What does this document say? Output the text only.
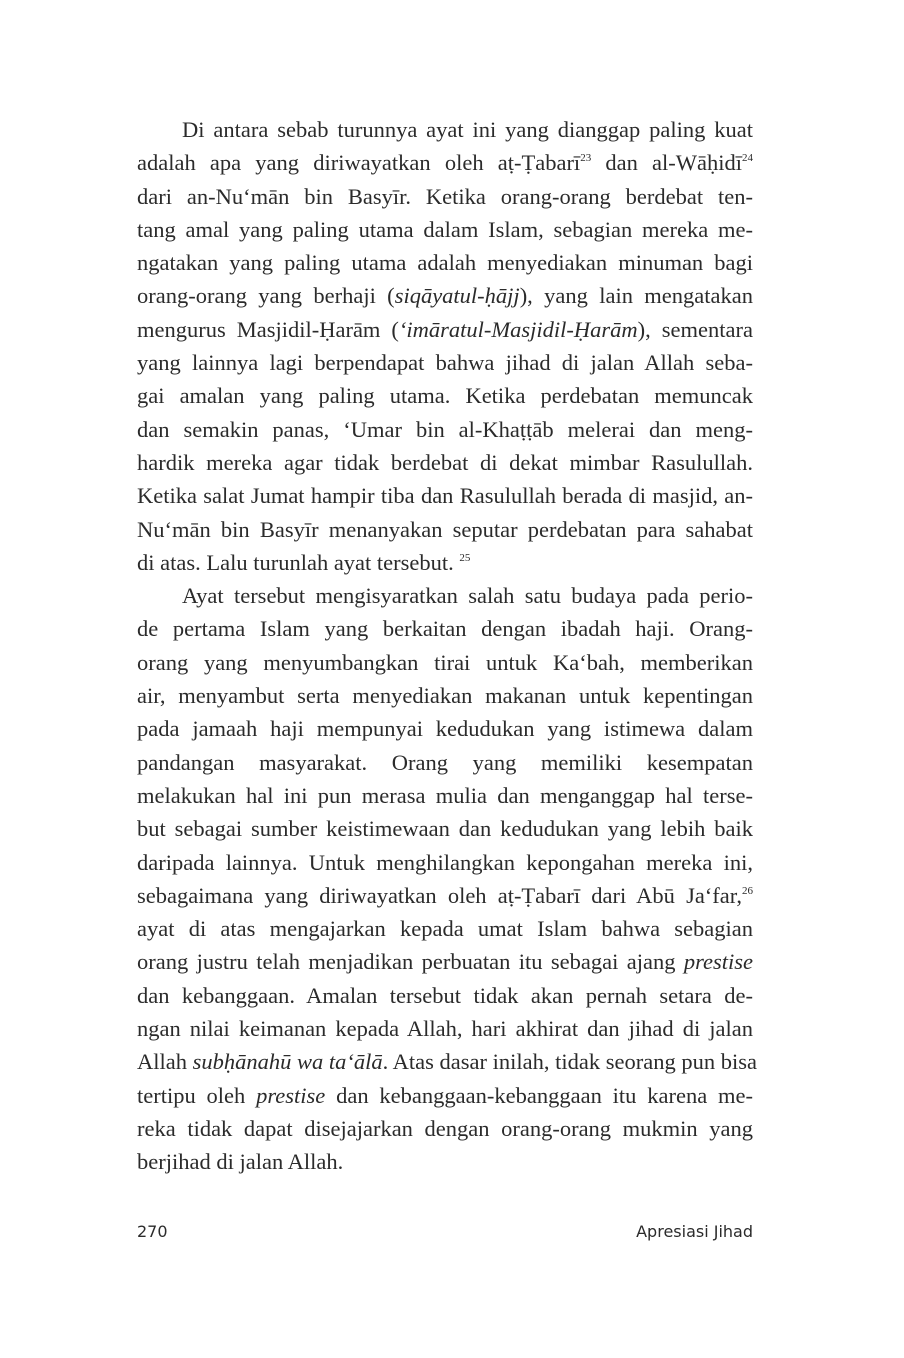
Di antara sebab turunnya ayat ini yang dianggap paling kuat
adalah apa yang diriwayatkan oleh aṭ-Ṭabarī$^{23}$ dan al-Wāḥidī$^{24}$
dari an-Nu‘mān bin Basyīr. Ketika orang-orang berdebat ten-
tang amal yang paling utama dalam Islam, sebagian mereka me-
ngatakan yang paling utama adalah menyediakan minuman bagi
orang-orang yang berhaji (siqāyatul-ḥājj), yang lain mengatakan
mengurus Masjidil-Ḥarām (‘imāratul-Masjidil-Ḥarām), sementara
yang lainnya lagi berpendapat bahwa jihad di jalan Allah seba-
gai amalan yang paling utama. Ketika perdebatan memuncak
dan semakin panas, ‘Umar bin al-Khaṭṭāb melerai dan meng-
hardik mereka agar tidak berdebat di dekat mimbar Rasulullah.
Ketika salat Jumat hampir tiba dan Rasulullah berada di masjid, an-
Nu‘mān bin Basyīr menanyakan seputar perdebatan para sahabat
di atas. Lalu turunlah ayat tersebut. $^{25}$
Ayat tersebut mengisyaratkan salah satu budaya pada perio-
de pertama Islam yang berkaitan dengan ibadah haji. Orang-
orang yang menyumbangkan tirai untuk Ka‘bah, memberikan
air, menyambut serta menyediakan makanan untuk kepentingan
pada jamaah haji mempunyai kedudukan yang istimewa dalam
pandangan masyarakat. Orang yang memiliki kesempatan
melakukan hal ini pun merasa mulia dan menganggap hal terse-
but sebagai sumber keistimewaan dan kedudukan yang lebih baik
daripada lainnya. Untuk menghilangkan kepongahan mereka ini,
sebagaimana yang diriwayatkan oleh aṭ-Ṭabarī dari Abū Ja‘far,$^{26}$
ayat di atas mengajarkan kepada umat Islam bahwa sebagian
orang justru telah menjadikan perbuatan itu sebagai ajang prestise
dan kebanggaan. Amalan tersebut tidak akan pernah setara de-
ngan nilai keimanan kepada Allah, hari akhirat dan jihad di jalan
Allah subḥānahū wa ta‘ālā. Atas dasar inilah, tidak seorang pun bisa
tertipu oleh prestise dan kebanggaan-kebanggaan itu karena me-
reka tidak dapat disejajarkan dengan orang-orang mukmin yang
berjihad di jalan Allah.
270	Apresiasi Jihad
